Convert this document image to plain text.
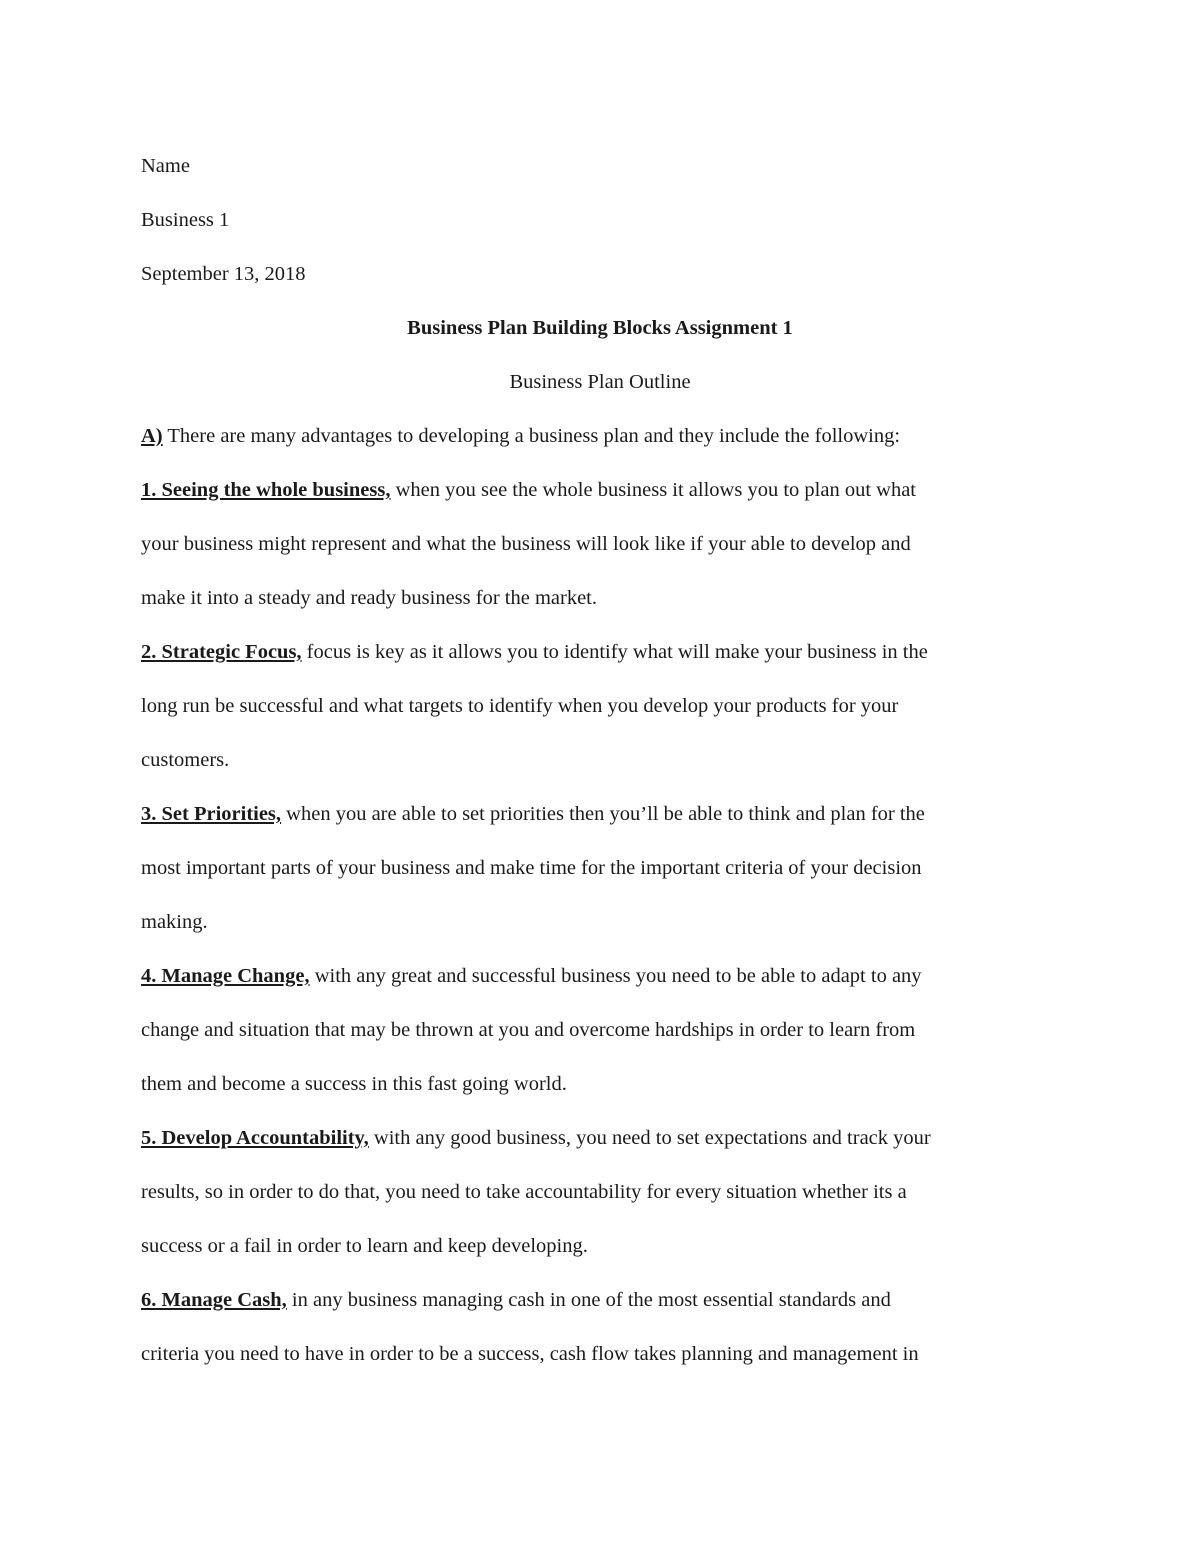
Name

Business 1

September 13, 2018

Business Plan Building Blocks Assignment 1

Business Plan Outline

A) There are many advantages to developing a business plan and they include the following:

1. Seeing the whole business, when you see the whole business it allows you to plan out what

your business might represent and what the business will look like if your able to develop and

make it into a steady and ready business for the market.

2. Strategic Focus, focus is key as it allows you to identify what will make your business in the

long run be successful and what targets to identify when you develop your products for your

customers.

3. Set Priorities, when you are able to set priorities then you’ll be able to think and plan for the

most important parts of your business and make time for the important criteria of your decision

making.

4. Manage Change, with any great and successful business you need to be able to adapt to any

change and situation that may be thrown at you and overcome hardships in order to learn from

them and become a success in this fast going world.

5. Develop Accountability, with any good business, you need to set expectations and track your

results, so in order to do that, you need to take accountability for every situation whether its a

success or a fail in order to learn and keep developing.

6. Manage Cash, in any business managing cash in one of the most essential standards and

criteria you need to have in order to be a success, cash flow takes planning and management in
